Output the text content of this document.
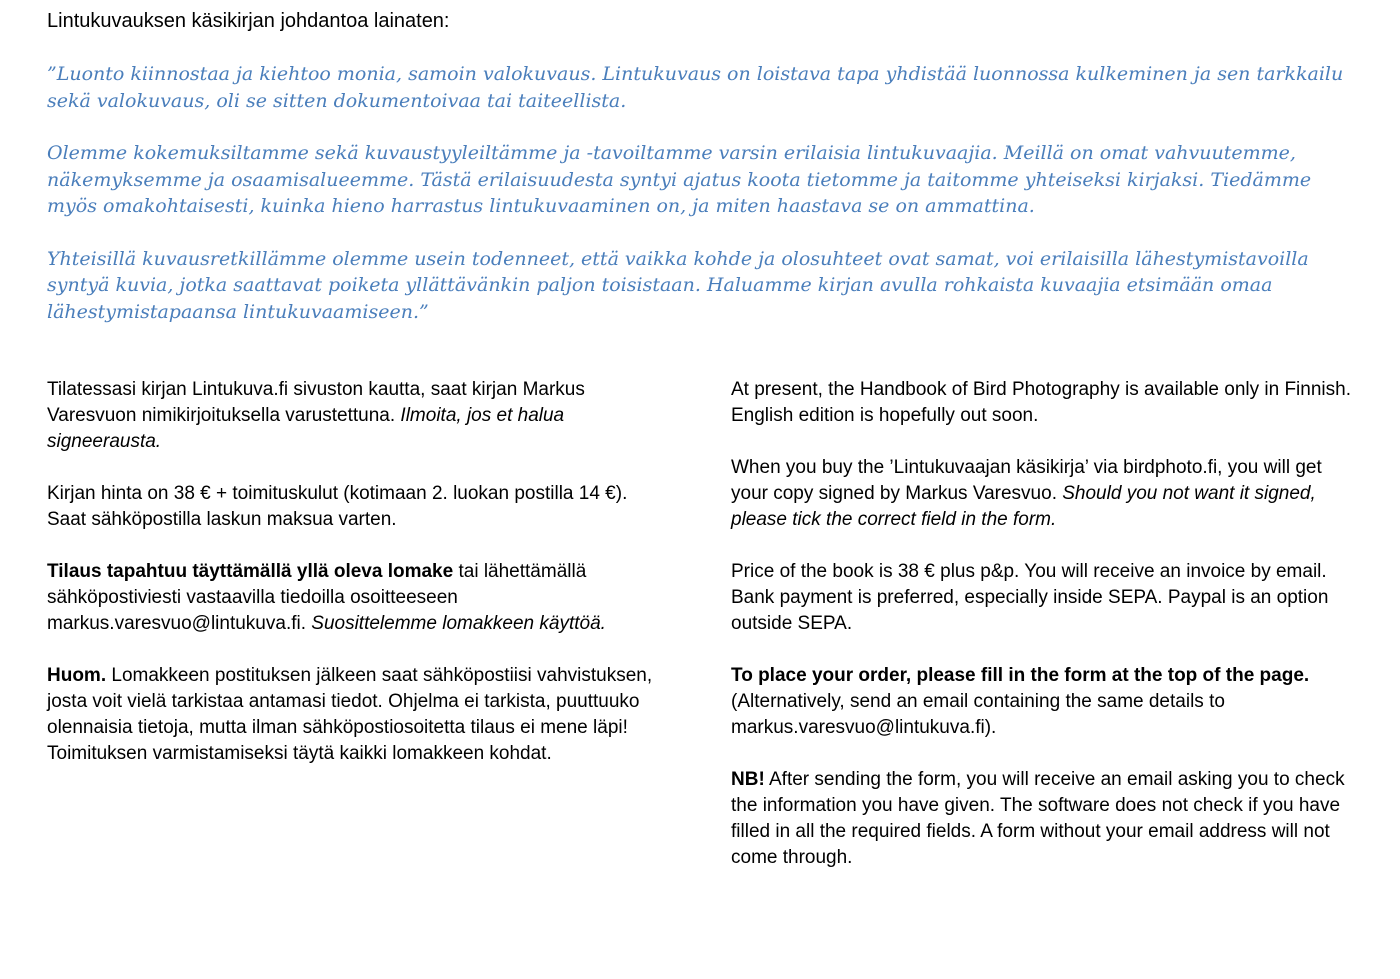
Lintukuvauksen käsikirjan johdantoa lainaten:

”Luonto kiinnostaa ja kiehtoo monia, samoin valokuvaus. Lintukuvaus on loistava tapa yhdistää luonnossa kulkeminen ja sen tarkkailu sekä valokuvaus, oli se sitten dokumentoivaa tai taiteellista.

Olemme kokemuksiltamme sekä kuvaustyyleiltämme ja -tavoiltamme varsin erilaisia lintukuvaajia. Meillä on omat vahvuutemme, näkemyksemme ja osaamisalueemme. Tästä erilaisuudesta syntyi ajatus koota tietomme ja taitomme yhteiseksi kirjaksi. Tiedämme myös omakohtaisesti, kuinka hieno harrastus lintukuvaaminen on, ja miten haastava se on ammattina.

Yhteisillä kuvausretkillämme olemme usein todenneet, että vaikka kohde ja olosuhteet ovat samat, voi erilaisilla lähestymistavoilla syntyä kuvia, jotka saattavat poiketa yllättävänkin paljon toisistaan. Haluamme kirjan avulla rohkaista kuvaajia etsimään omaa lähestymistapaansa lintukuvaamiseen.”

Tilatessasi kirjan Lintukuva.fi sivuston kautta, saat kirjan Markus Varesvuon nimikirjoituksella varustettuna. Ilmoita, jos et halua signeerausta.

Kirjan hinta on 38 € + toimituskulut (kotimaan 2. luokan postilla 14 €). Saat sähköpostilla laskun maksua varten.

Tilaus tapahtuu täyttämällä yllä oleva lomake tai lähettämällä sähköpostiviesti vastaavilla tiedoilla osoitteeseen markus.varesvuo@lintukuva.fi. Suosittelemme lomakkeen käyttöä.

Huom. Lomakkeen postituksen jälkeen saat sähköpostiisi vahvistuksen, josta voit vielä tarkistaa antamasi tiedot. Ohjelma ei tarkista, puuttuuko olennaisia tietoja, mutta ilman sähköpostiosoitetta tilaus ei mene läpi! Toimituksen varmistamiseksi täytä kaikki lomakkeen kohdat.

At present, the Handbook of Bird Photography is available only in Finnish. English edition is hopefully out soon.

When you buy the ’Lintukuvaajan käsikirja’ via birdphoto.fi, you will get your copy signed by Markus Varesvuo. Should you not want it signed, please tick the correct field in the form.

Price of the book is 38 € plus p&p. You will receive an invoice by email. Bank payment is preferred, especially inside SEPA. Paypal is an option outside SEPA.

To place your order, please fill in the form at the top of the page. (Alternatively, send an email containing the same details to markus.varesvuo@lintukuva.fi).

NB! After sending the form, you will receive an email asking you to check the information you have given. The software does not check if you have filled in all the required fields. A form without your email address will not come through.
